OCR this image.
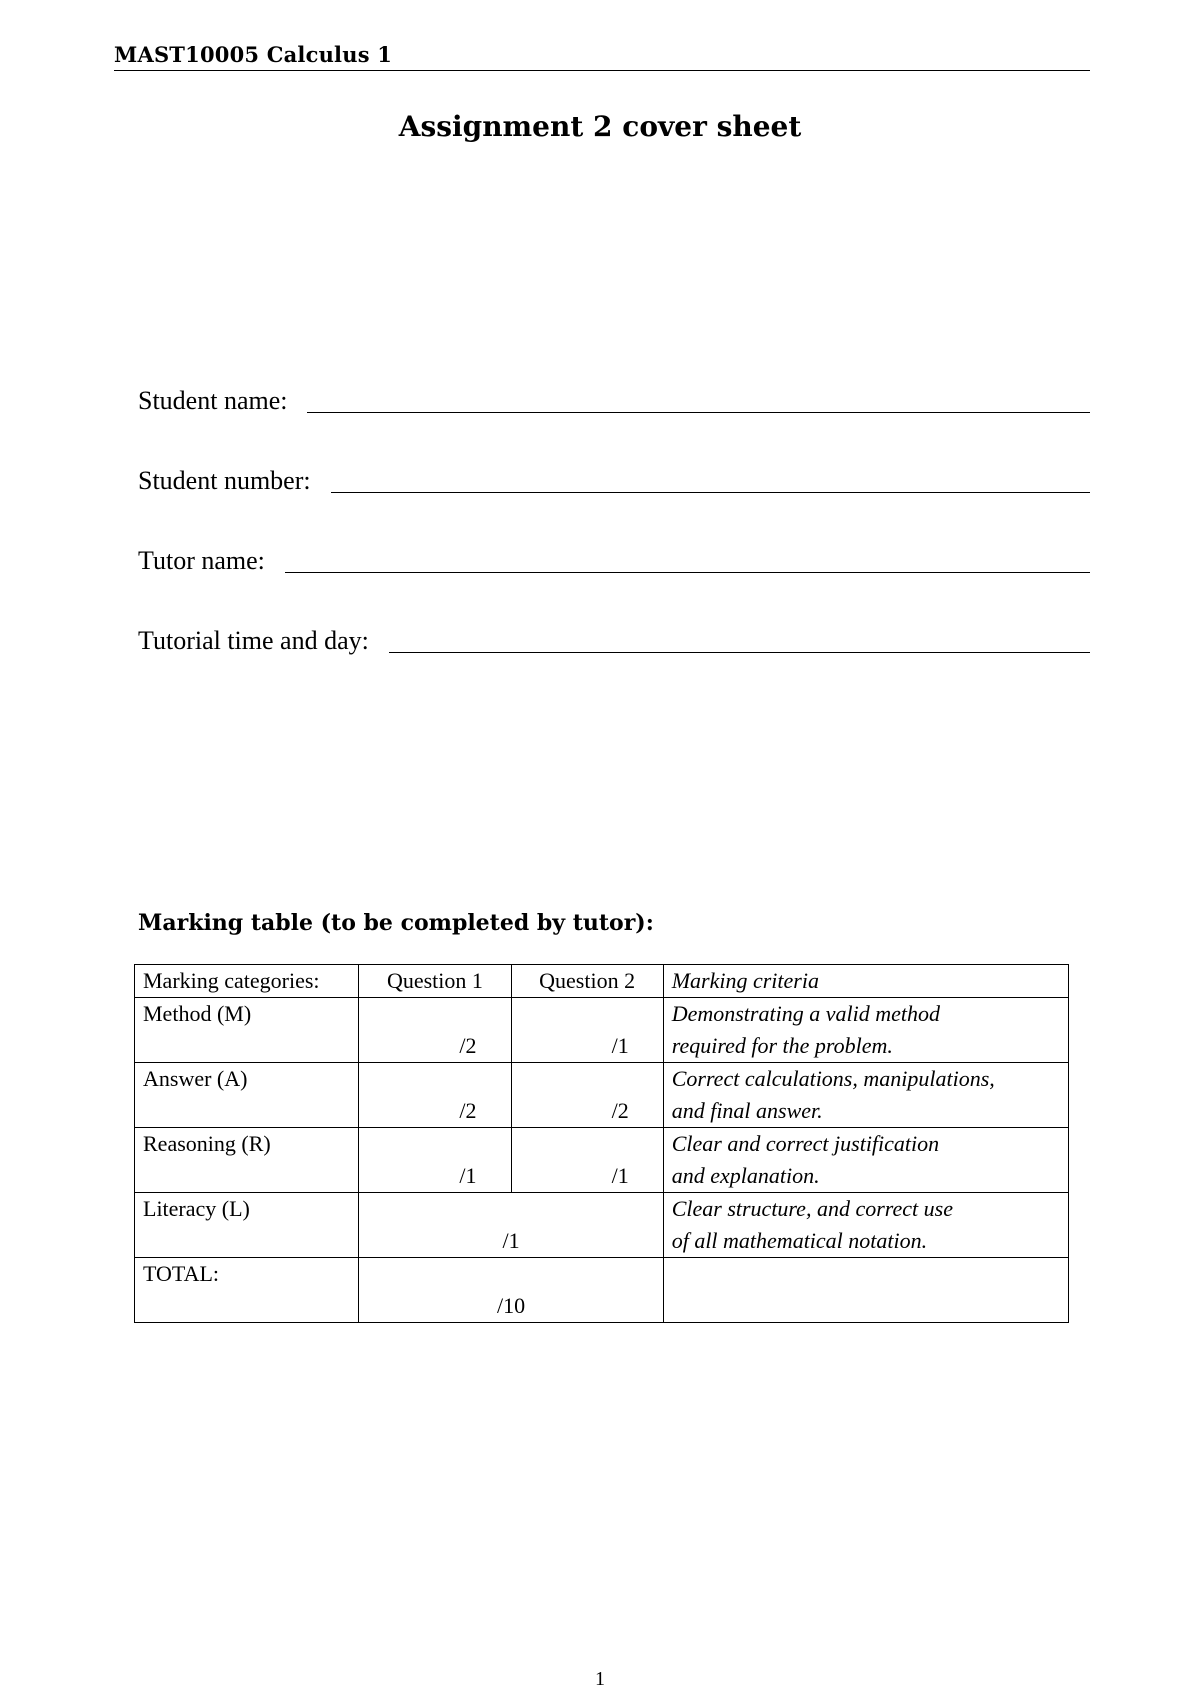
MAST10005 Calculus 1
Assignment 2 cover sheet
Student name:
Student number:
Tutor name:
Tutorial time and day:
Marking table (to be completed by tutor):
Marking categories:	Question 1	Question 2	Marking criteria

Method (M)	/2	/1	Demonstrating a valid method
required for the problem.

Answer (A)	/2	/2	Correct calculations, manipulations,
and final answer.

Reasoning (R)	/1	/1	Clear and correct justification
and explanation.

Literacy (L)	/1		Clear structure, and correct use
of all mathematical notation.

TOTAL:	/10		

1
